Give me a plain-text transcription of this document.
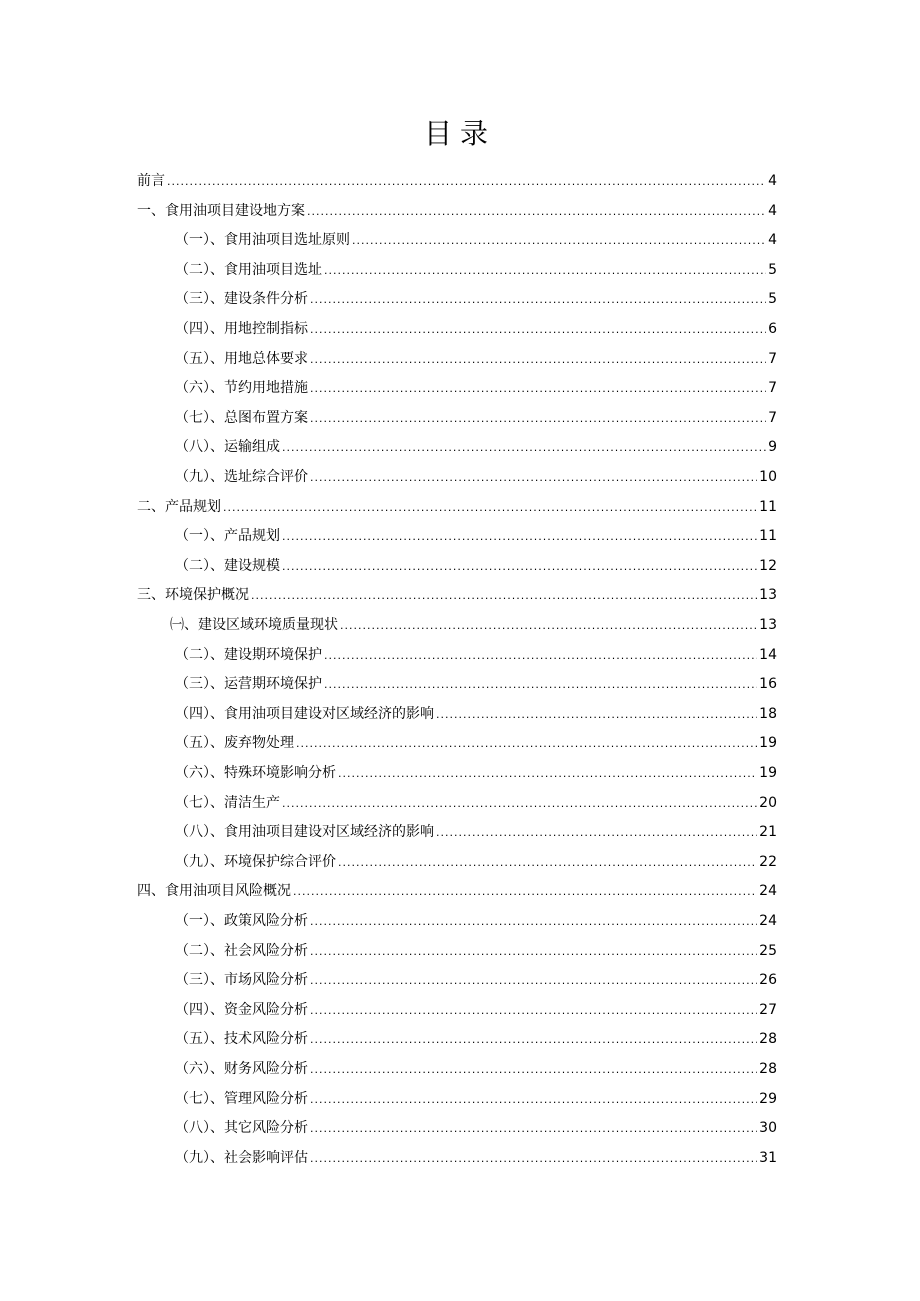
目录
前言 .....	4
一、食用油项目建设地方案 .....	4
（一）、食用油项目选址原则 .....	4
（二）、食用油项目选址 .....	5
（三）、建设条件分析 .....	5
（四）、用地控制指标 .....	6
（五）、用地总体要求 .....	7
（六）、节约用地措施 .....	7
（七）、总图布置方案 .....	7
（八）、运输组成 .....	9
（九）、选址综合评价 .....	10
二、产品规划 .....	11
（一）、产品规划 .....	11
（二）、建设规模 .....	12
三、环境保护概况 .....	13
㈠、建设区域环境质量现状 .....	13
（二）、建设期环境保护 .....	14
（三）、运营期环境保护 .....	16
（四）、食用油项目建设对区域经济的影响 .....	18
（五）、废弃物处理 .....	19
（六）、特殊环境影响分析 .....	19
（七）、清洁生产 .....	20
（八）、食用油项目建设对区域经济的影响 .....	21
（九）、环境保护综合评价 .....	22
四、食用油项目风险概况 .....	24
（一）、政策风险分析 .....	24
（二）、社会风险分析 .....	25
（三）、市场风险分析 .....	26
（四）、资金风险分析 .....	27
（五）、技术风险分析 .....	28
（六）、财务风险分析 .....	28
（七）、管理风险分析 .....	29
（八）、其它风险分析 .....	30
（九）、社会影响评估 .....	31
